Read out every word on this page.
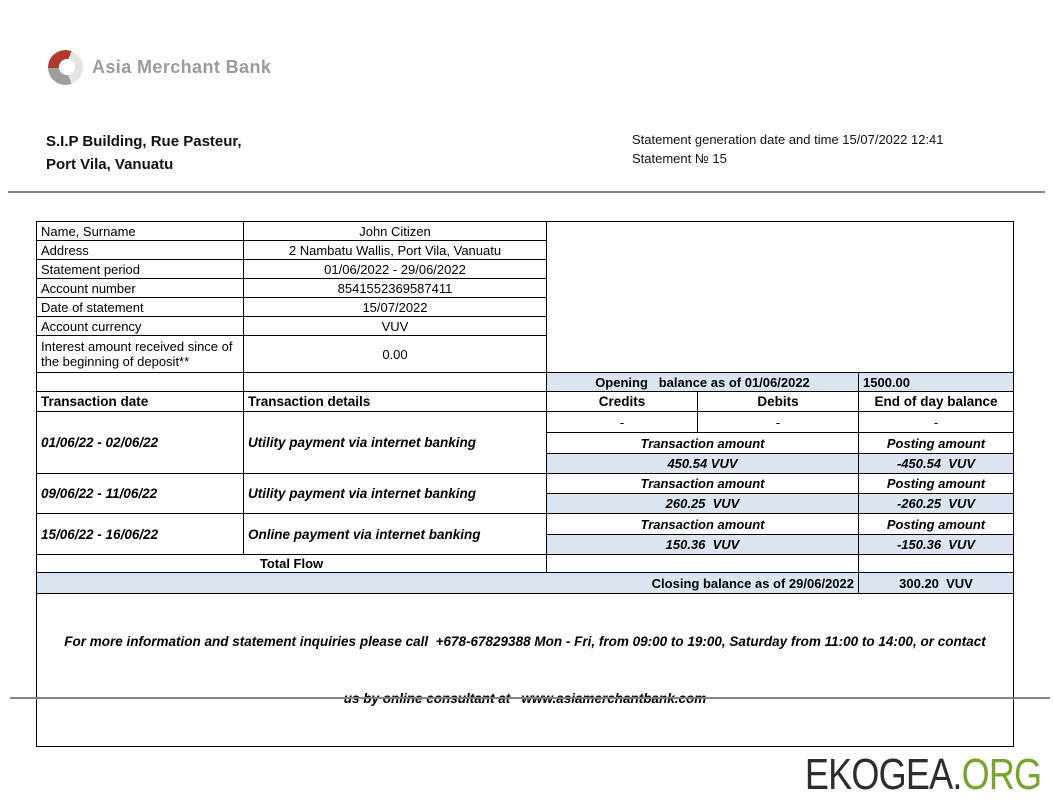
Asia Merchant Bank
S.I.P Building, Rue Pasteur,
Port Vila, Vanuatu
Statement generation date and time 15/07/2022 12:41
Statement № 15
Name, Surname	John Citizen			
Address	2 Nambatu Wallis, Port Vila, Vanuatu			
Statement period	01/06/2022 - 29/06/2022			
Account number	8541552369587411			
Date of statement	15/07/2022			
Account currency	VUV			
Interest amount received since of the beginning of deposit**	0.00			
		Opening   balance as of 01/06/2022		1500.00
Transaction date	Transaction details	Credits	Debits	End of day balance
01/06/22 - 02/06/22	Utility payment via internet banking	-	-	-
		Transaction amount		Posting amount
		450.54 VUV		-450.54  VUV
09/06/22 - 11/06/22	Utility payment via internet banking	Transaction amount		Posting amount
		260.25  VUV		-260.25  VUV
15/06/22 - 16/06/22	Online payment via internet banking	Transaction amount		Posting amount
		150.36  VUV		-150.36  VUV
Total Flow				
Closing balance as of 29/06/2022				300.20  VUV

For more information and statement inquiries please call  +678-67829388 Mon - Fri, from 09:00 to 19:00, Saturday from 11:00 to 14:00, or contact				

EKOGEA.ORG
